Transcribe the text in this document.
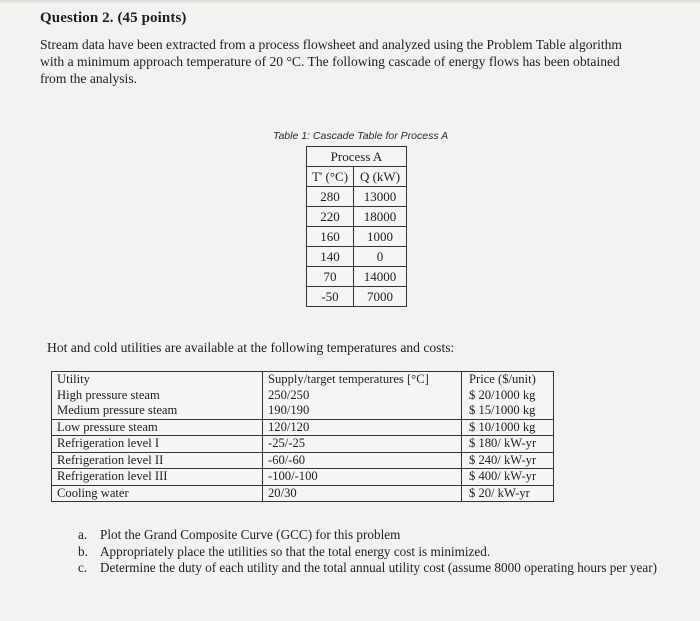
Question 2. (45 points)

Stream data have been extracted from a process flowsheet and analyzed using the Problem Table algorithm

with a minimum approach temperature of 20 °C. The following cascade of energy flows has been obtained

from the analysis.

Table 1: Cascade Table for Process A
Process A	
T' (°C)	Q (kW)
280	13000
220	18000
160	1000
140	0
70	14000
-50	7000
Hot and cold utilities are available at the following temperatures and costs:
Utility	Supply/target temperatures [°C]	Price ($/unit)
High pressure steam	250/250	$ 20/1000 kg
Medium pressure steam	190/190	$ 15/1000 kg
Low pressure steam	120/120	$ 10/1000 kg
Refrigeration level I	-25/-25	$ 180/ kW-yr
Refrigeration level II	-60/-60	$ 240/ kW-yr
Refrigeration level III	-100/-100	$ 400/ kW-yr
Cooling water	20/30	$ 20/ kW-yr
a. Plot the Grand Composite Curve (GCC) for this problem
b. Appropriately place the utilities so that the total energy cost is minimized.
c. Determine the duty of each utility and the total annual utility cost (assume 8000 operating hours per year)
